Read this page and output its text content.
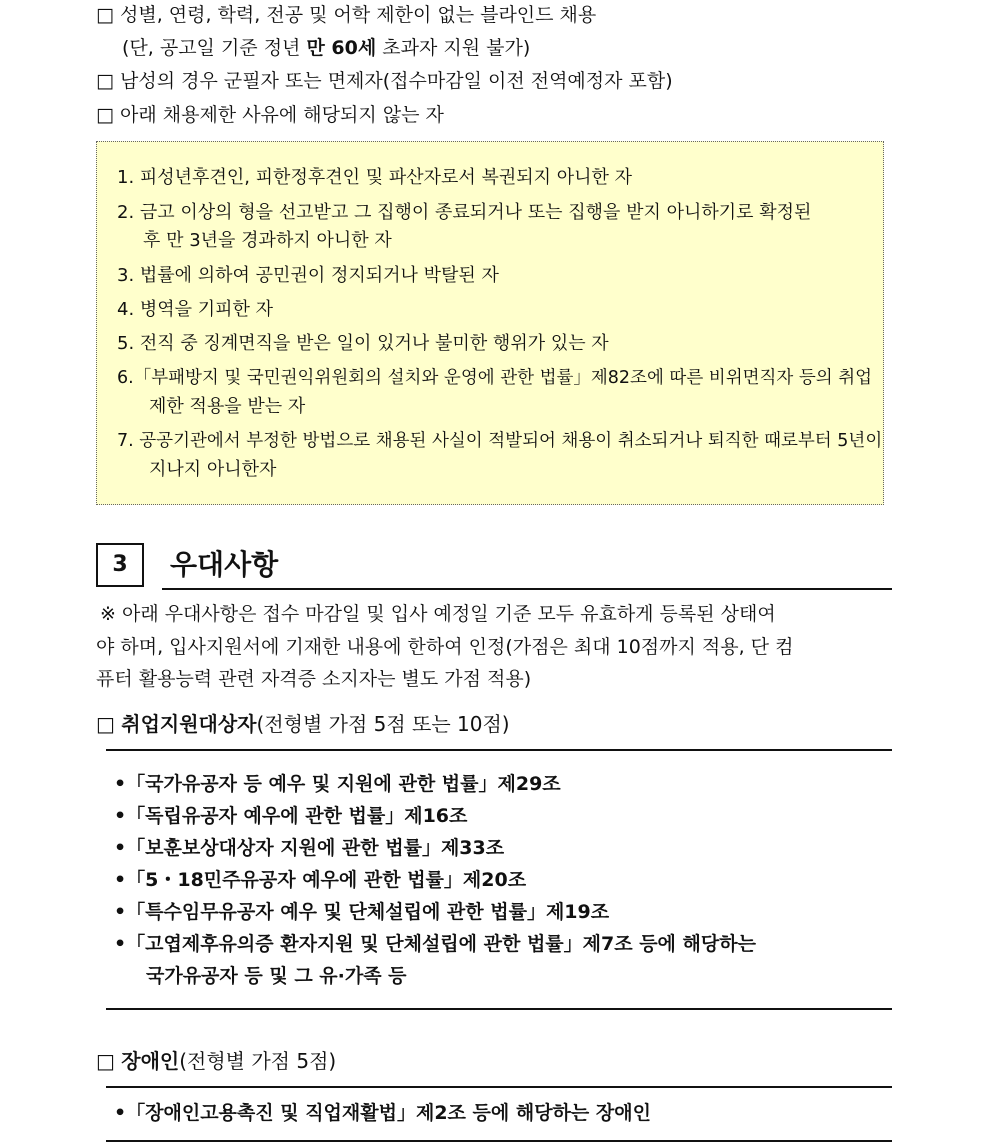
□ 성별, 연령, 학력, 전공 및 어학 제한이 없는 블라인드 채용
(단, 공고일 기준 정년 만 60세 초과자 지원 불가)
□ 남성의 경우 군필자 또는 면제자(접수마감일 이전 전역예정자 포함)
□ 아래 채용제한 사유에 해당되지 않는 자
1. 피성년후견인, 피한정후견인 및 파산자로서 복권되지 아니한 자
2. 금고 이상의 형을 선고받고 그 집행이 종료되거나 또는 집행을 받지 아니하기로 확정된
후 만 3년을 경과하지 아니한 자
3. 법률에 의하여 공민권이 정지되거나 박탈된 자
4. 병역을 기피한 자
5. 전직 중 징계면직을 받은 일이 있거나 불미한 행위가 있는 자
6.「부패방지 및 국민권익위원회의 설치와 운영에 관한 법률」제82조에 따른 비위면직자 등의 취업
제한 적용을 받는 자
7. 공공기관에서 부정한 방법으로 채용된 사실이 적발되어 채용이 취소되거나 퇴직한 때로부터 5년이
지나지 아니한자
3	우대사항
※ 아래 우대사항은 접수 마감일 및 입사 예정일 기준 모두 유효하게 등록된 상태여
야 하며, 입사지원서에 기재한 내용에 한하여 인정(가점은 최대 10점까지 적용, 단 컴
퓨터 활용능력 관련 자격증 소지자는 별도 가점 적용)
□ 취업지원대상자(전형별 가점 5점 또는 10점)
•「국가유공자 등 예우 및 지원에 관한 법률」제29조
•「독립유공자 예우에 관한 법률」제16조
•「보훈보상대상자 지원에 관한 법률」제33조
•「5・18민주유공자 예우에 관한 법률」제20조
•「특수임무유공자 예우 및 단체설립에 관한 법률」제19조
•「고엽제후유의증 환자지원 및 단체설립에 관한 법률」제7조 등에 해당하는
국가유공자 등 및 그 유·가족 등
□ 장애인(전형별 가점 5점)
•「장애인고용촉진 및 직업재활법」제2조 등에 해당하는 장애인
